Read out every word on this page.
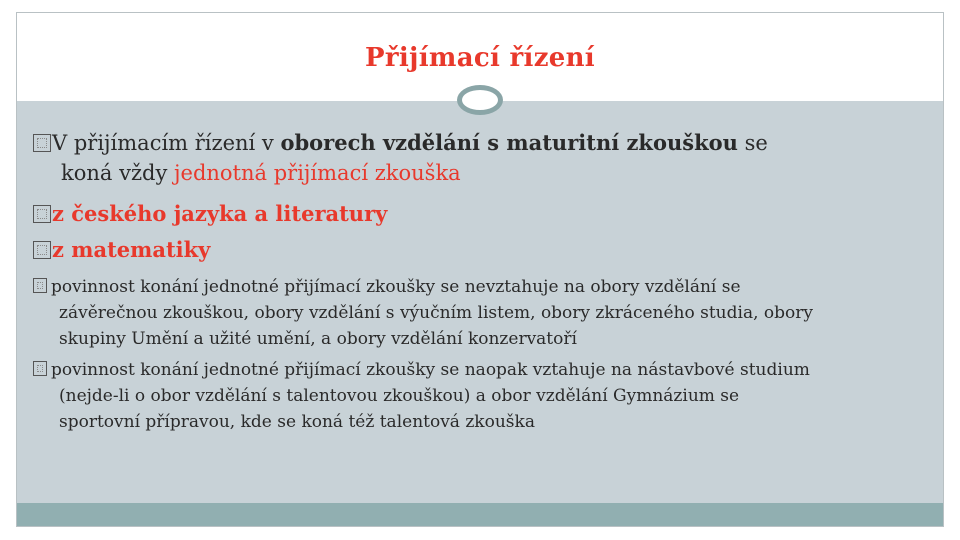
Přijímací řízení
V přijímacím řízení v oborech vzdělání s maturitní zkouškou se
koná vždy jednotná přijímací zkouška
z českého jazyka a literatury
z matematiky
povinnost konání jednotné přijímací zkoušky se nevztahuje na obory vzdělání se
závěrečnou zkouškou, obory vzdělání s výučním listem, obory zkráceného studia, obory
skupiny Umění a užité umění, a obory vzdělání konzervatoří
povinnost konání jednotné přijímací zkoušky se naopak vztahuje na nástavbové studium
(nejde-li o obor vzdělání s talentovou zkouškou) a obor vzdělání Gymnázium se
sportovní přípravou, kde se koná též talentová zkouška
